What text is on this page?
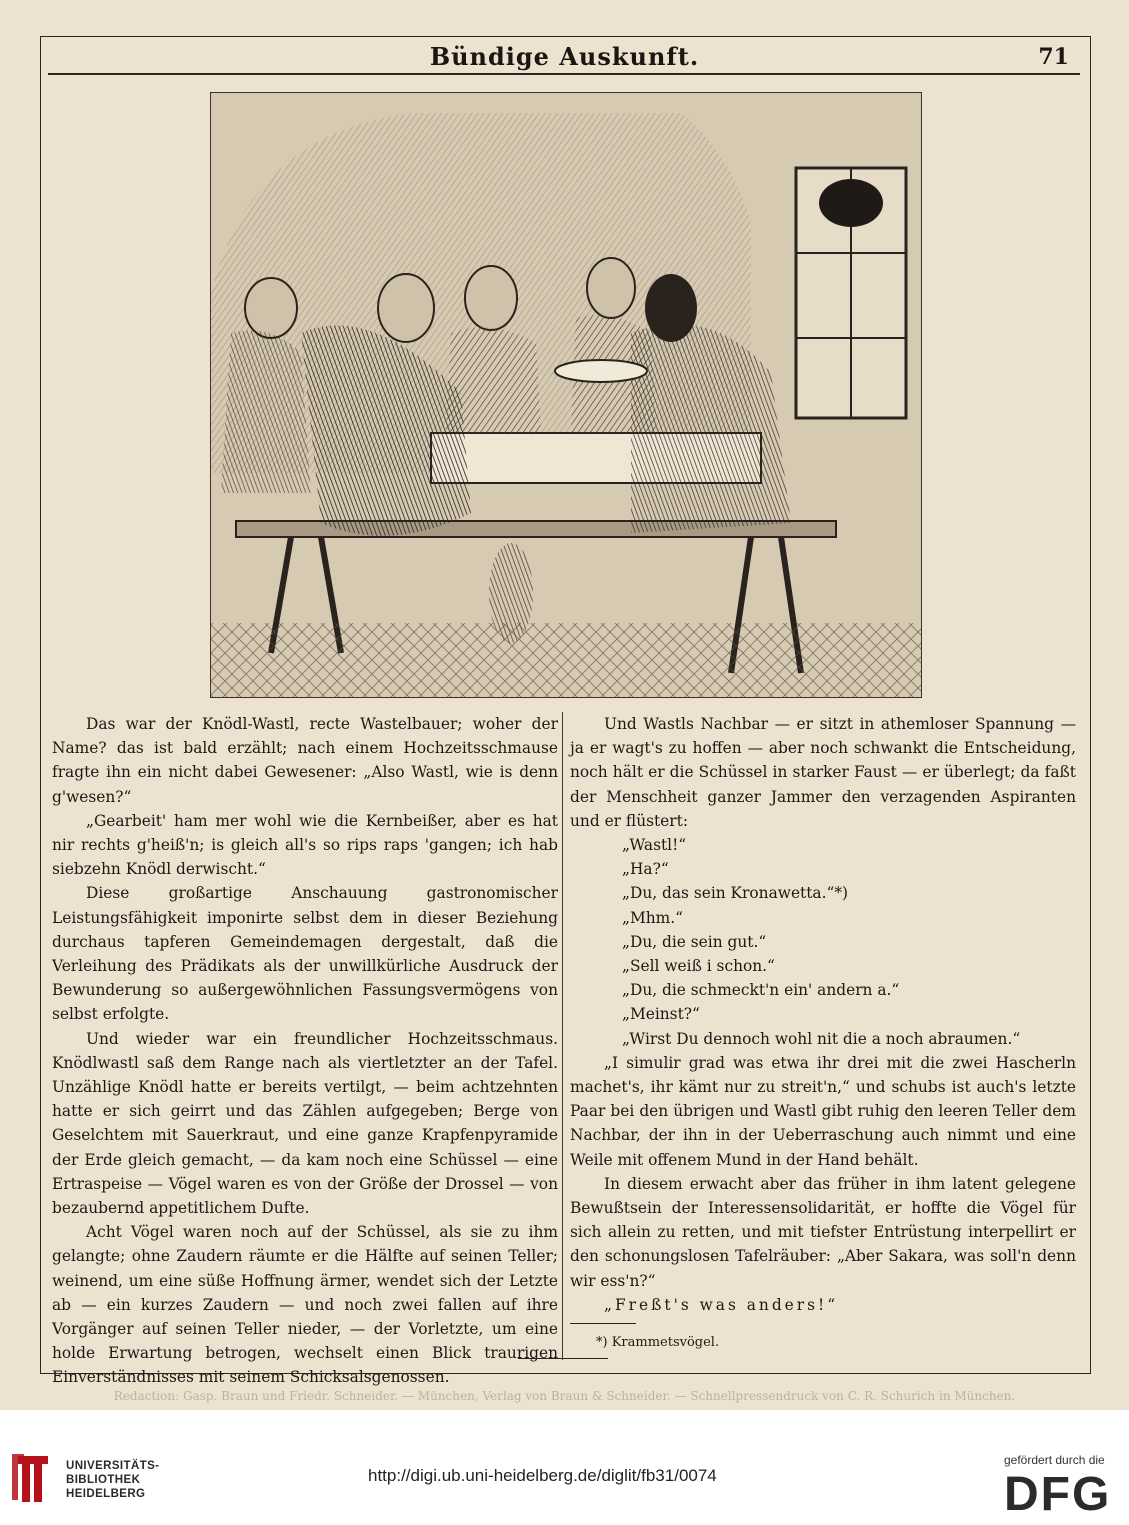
Bündige Auskunft.	71

Das war der Knödl-Wastl, recte Wastelbauer; woher der Name? das ist bald erzählt; nach einem Hochzeitsschmause fragte ihn ein nicht dabei Gewesener: „Also Wastl, wie is denn g'wesen?“

„Gearbeit' ham mer wohl wie die Kernbeißer, aber es hat nir rechts g'heiß'n; is gleich all's so rips raps 'gangen; ich hab siebzehn Knödl derwischt.“

Diese großartige Anschauung gastronomischer Leistungsfähigkeit imponirte selbst dem in dieser Beziehung durchaus tapferen Gemeindemagen dergestalt, daß die Verleihung des Prädikats als der unwillkürliche Ausdruck der Bewunderung so außergewöhnlichen Fassungsvermögens von selbst erfolgte.

Und wieder war ein freundlicher Hochzeitsschmaus. Knödlwastl saß dem Range nach als viertletzter an der Tafel. Unzählige Knödl hatte er bereits vertilgt, — beim achtzehnten hatte er sich geirrt und das Zählen aufgegeben; Berge von Geselchtem mit Sauerkraut, und eine ganze Krapfenpyramide der Erde gleich gemacht, — da kam noch eine Schüssel — eine Ertraspeise — Vögel waren es von der Größe der Drossel — von bezaubernd appetitlichem Dufte.

Acht Vögel waren noch auf der Schüssel, als sie zu ihm gelangte; ohne Zaudern räumte er die Hälfte auf seinen Teller; weinend, um eine süße Hoffnung ärmer, wendet sich der Letzte ab — ein kurzes Zaudern — und noch zwei fallen auf ihre Vorgänger auf seinen Teller nieder, — der Vorletzte, um eine holde Erwartung betrogen, wechselt einen Blick traurigen Einverständnisses mit seinem Schicksalsgenossen.

Und Wastls Nachbar — er sitzt in athemloser Spannung — ja er wagt's zu hoffen — aber noch schwankt die Entscheidung, noch hält er die Schüssel in starker Faust — er überlegt; da faßt der Menschheit ganzer Jammer den verzagenden Aspiranten und er flüstert:

„Wastl!“

„Ha?“

„Du, das sein Kronawetta.“*)

„Mhm.“

„Du, die sein gut.“

„Sell weiß i schon.“

„Du, die schmeckt'n ein' andern a.“

„Meinst?“

„Wirst Du dennoch wohl nit die a noch abraumen.“

„I simulir grad was etwa ihr drei mit die zwei Hascherln machet's, ihr kämt nur zu streit'n,“ und schubs ist auch's letzte Paar bei den übrigen und Wastl gibt ruhig den leeren Teller dem Nachbar, der ihn in der Ueberraschung auch nimmt und eine Weile mit offenem Mund in der Hand behält.

In diesem erwacht aber das früher in ihm latent gelegene Bewußtsein der Interessensolidarität, er hoffte die Vögel für sich allein zu retten, und mit tiefster Entrüstung interpellirt er den schonungslosen Tafelräuber: „Aber Sakara, was soll'n denn wir ess'n?“

„Freßt's was anders!“

*) Krammetsvögel.
Redaction: Gasp. Braun und Friedr. Schneider. — München, Verlag von Braun & Schneider. — Schnellpressendruck von C. R. Schurich in München.
UNIVERSITÄTS-
BIBLIOTHEK
HEIDELBERG
http://digi.ub.uni-heidelberg.de/diglit/fb31/0074
gefördert durch die
DFG
